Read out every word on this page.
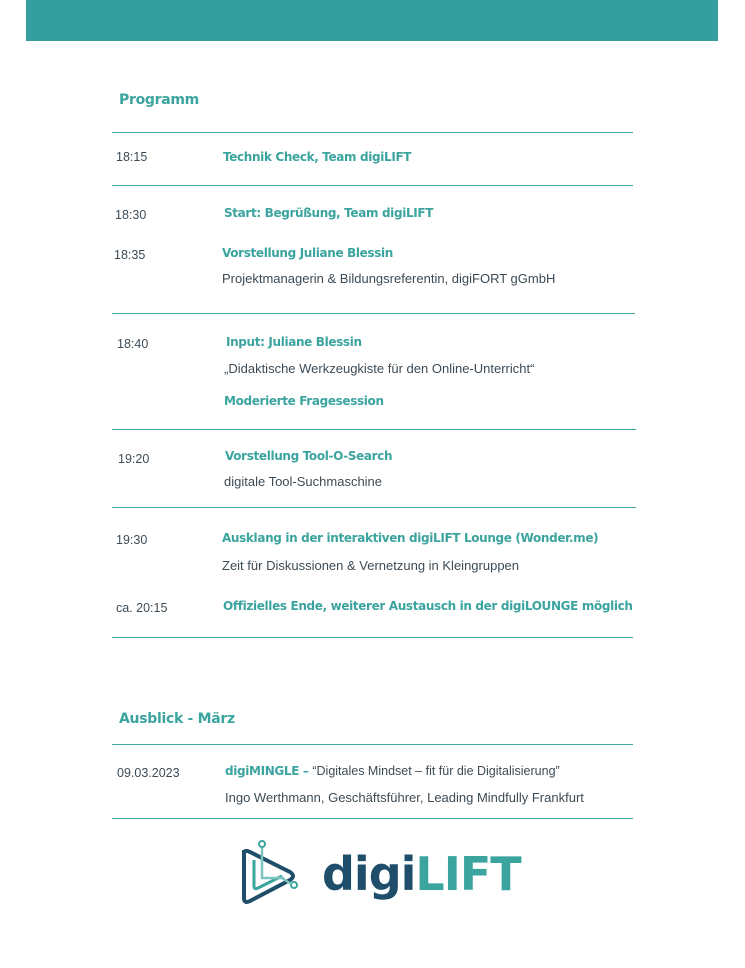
Programm
18:15	Technik Check, Team digiLIFT
18:30	Start: Begrüßung, Team digiLIFT
18:35	Vorstellung Juliane Blessin
Projektmanagerin & Bildungsreferentin, digiFORT gGmbH
18:40	Input: Juliane Blessin
„Didaktische Werkzeugkiste für den Online-Unterricht“
Moderierte Fragesession
19:20	Vorstellung Tool-O-Search
digitale Tool-Suchmaschine
19:30	Ausklang in der interaktiven digiLIFT Lounge (Wonder.me)
Zeit für Diskussionen & Vernetzung in Kleingruppen
ca. 20:15	Offizielles Ende, weiterer Austausch in der digiLOUNGE möglich
Ausblick - März
09.03.2023	digiMINGLE – “Digitales Mindset – fit für die Digitalisierung”
Ingo Werthmann, Geschäftsführer, Leading Mindfully Frankfurt
digiLIFT
